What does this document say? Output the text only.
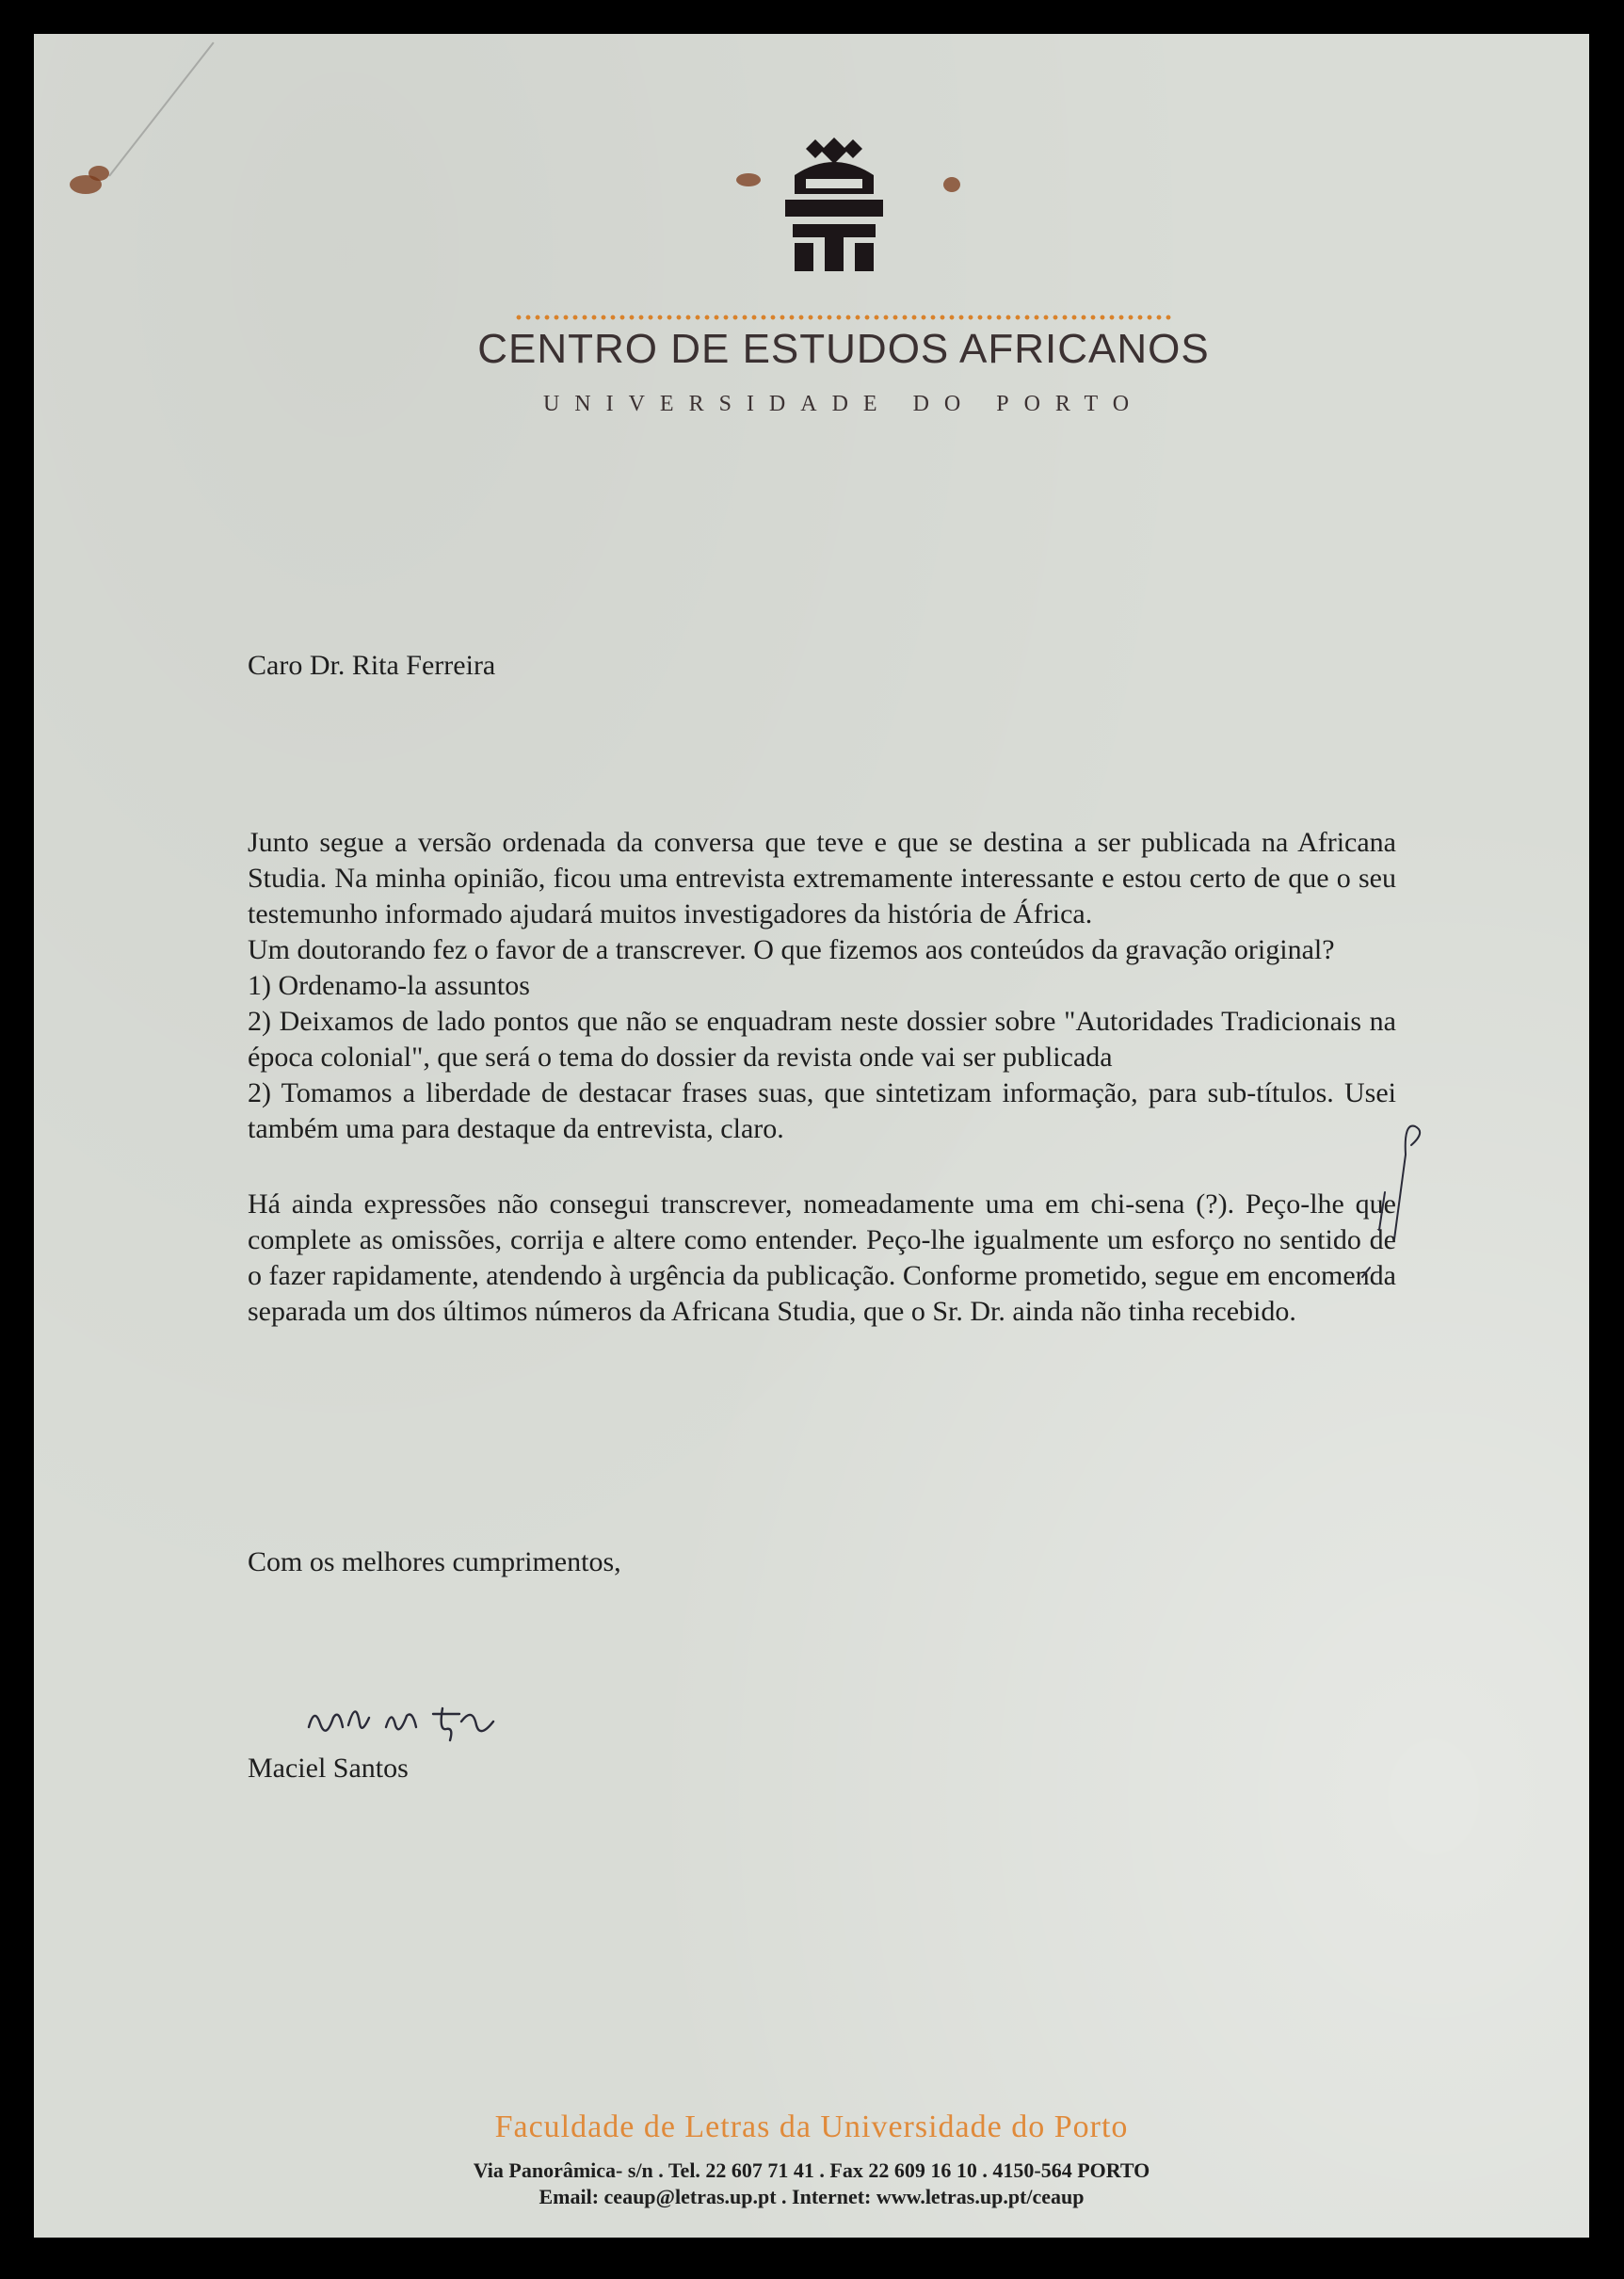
CENTRO DE ESTUDOS AFRICANOS
UNIVERSIDADE DO PORTO
Caro Dr. Rita Ferreira

Junto segue a versão ordenada da conversa que teve e que se destina a ser publicada na Africana Studia. Na minha opinião, ficou uma entrevista extremamente interessante e estou certo de que o seu testemunho informado ajudará muitos investigadores da história de África.

Um doutorando fez o favor de a transcrever. O que fizemos aos conteúdos da gravação original?

1) Ordenamo-la assuntos

2) Deixamos de lado pontos que não se enquadram neste dossier sobre "Autoridades Tradicionais na época colonial", que será o tema do dossier da revista onde vai ser publicada

2) Tomamos a liberdade de destacar frases suas, que sintetizam informação, para sub-títulos. Usei também uma para destaque da entrevista, claro.

Há ainda expressões não consegui transcrever, nomeadamente uma em chi-sena (?). Peço-lhe que complete as omissões, corrija e altere como entender. Peço-lhe igualmente um esforço no sentido de o fazer rapidamente, atendendo à urgência da publicação. Conforme prometido, segue em encomenda separada um dos últimos números da Africana Studia, que o Sr. Dr. ainda não tinha recebido.

Com os melhores cumprimentos,
Maciel Santos
Faculdade de Letras da Universidade do Porto
Via Panorâmica- s/n . Tel. 22 607 71 41 . Fax 22 609 16 10 . 4150-564 PORTO
Email: ceaup@letras.up.pt . Internet: www.letras.up.pt/ceaup
